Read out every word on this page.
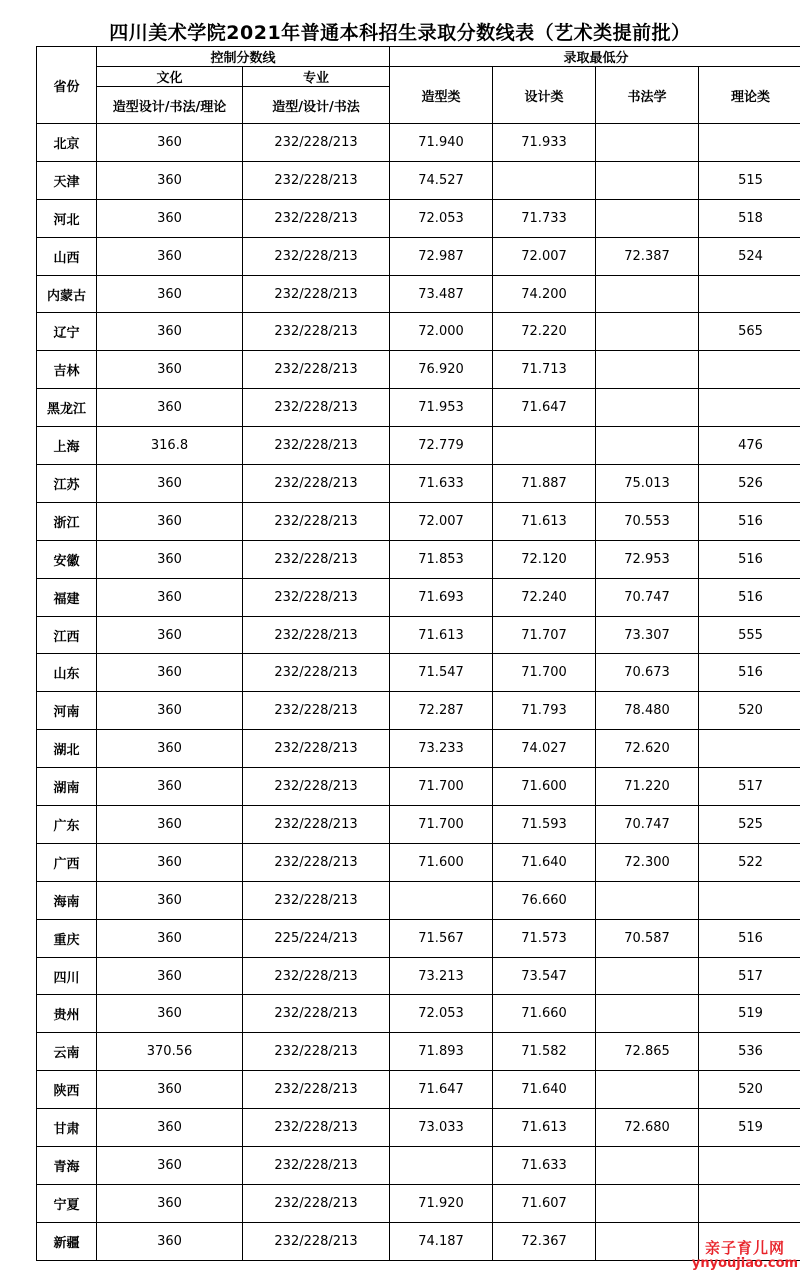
四川美术学院2021年普通本科招生录取分数线表（艺术类提前批）
省份	控制分数线		录取最低分			
	文化	专业	造型类	设计类	书法学	理论类
	造型设计/书法/理论	造型/设计/书法				
北京	360	232/228/213	71.940	71.933		
天津	360	232/228/213	74.527			515
河北	360	232/228/213	72.053	71.733		518
山西	360	232/228/213	72.987	72.007	72.387	524
内蒙古	360	232/228/213	73.487	74.200		
辽宁	360	232/228/213	72.000	72.220		565
吉林	360	232/228/213	76.920	71.713		
黑龙江	360	232/228/213	71.953	71.647		
上海	316.8	232/228/213	72.779			476
江苏	360	232/228/213	71.633	71.887	75.013	526
浙江	360	232/228/213	72.007	71.613	70.553	516
安徽	360	232/228/213	71.853	72.120	72.953	516
福建	360	232/228/213	71.693	72.240	70.747	516
江西	360	232/228/213	71.613	71.707	73.307	555
山东	360	232/228/213	71.547	71.700	70.673	516
河南	360	232/228/213	72.287	71.793	78.480	520
湖北	360	232/228/213	73.233	74.027	72.620	
湖南	360	232/228/213	71.700	71.600	71.220	517
广东	360	232/228/213	71.700	71.593	70.747	525
广西	360	232/228/213	71.600	71.640	72.300	522
海南	360	232/228/213		76.660		
重庆	360	225/224/213	71.567	71.573	70.587	516
四川	360	232/228/213	73.213	73.547		517
贵州	360	232/228/213	72.053	71.660		519
云南	370.56	232/228/213	71.893	71.582	72.865	536
陕西	360	232/228/213	71.647	71.640		520
甘肃	360	232/228/213	73.033	71.613	72.680	519
青海	360	232/228/213		71.633		
宁夏	360	232/228/213	71.920	71.607		
新疆	360	232/228/213	74.187	72.367			亲子育儿网
ynyoujiao.com
